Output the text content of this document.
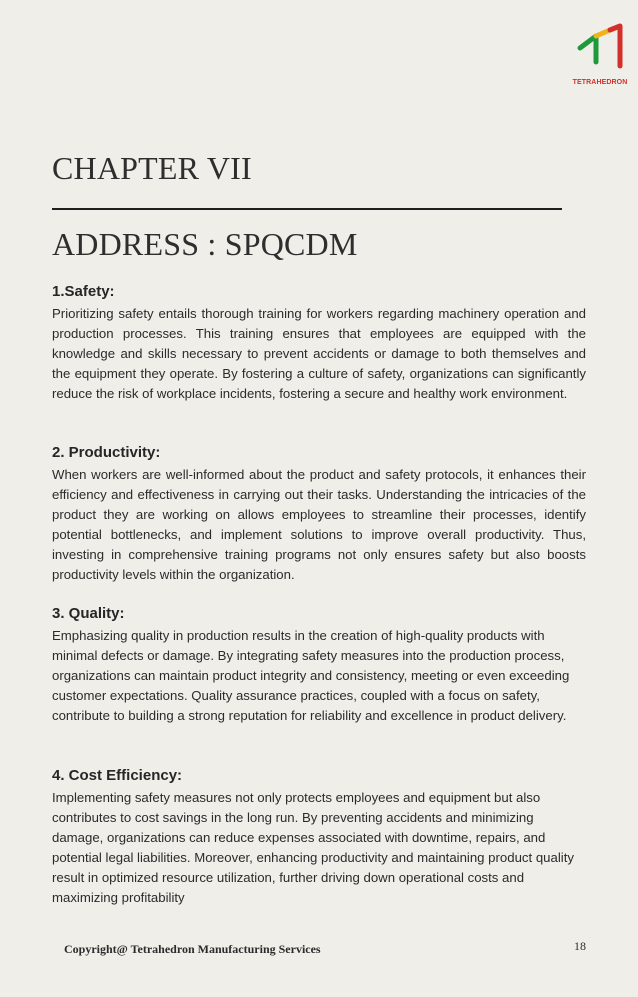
TETRAHEDRON
CHAPTER VII
ADDRESS : SPQCDM
1.Safety:

Prioritizing safety entails thorough training for workers regarding machinery operation and production processes. This training ensures that employees are equipped with the knowledge and skills necessary to prevent accidents or damage to both themselves and the equipment they operate. By fostering a culture of safety, organizations can significantly reduce the risk of workplace incidents, fostering a secure and healthy work environment.

2. Productivity:

When workers are well-informed about the product and safety protocols, it enhances their efficiency and effectiveness in carrying out their tasks. Understanding the intricacies of the product they are working on allows employees to streamline their processes, identify potential bottlenecks, and implement solutions to improve overall productivity. Thus, investing in comprehensive training programs not only ensures safety but also boosts productivity levels within the organization.

3. Quality:

Emphasizing quality in production results in the creation of high-quality products with minimal defects or damage. By integrating safety measures into the production process, organizations can maintain product integrity and consistency, meeting or even exceeding customer expectations. Quality assurance practices, coupled with a focus on safety, contribute to building a strong reputation for reliability and excellence in product delivery.

4. Cost Efficiency:

Implementing safety measures not only protects employees and equipment but also contributes to cost savings in the long run. By preventing accidents and minimizing damage, organizations can reduce expenses associated with downtime, repairs, and potential legal liabilities. Moreover, enhancing productivity and maintaining product quality result in optimized resource utilization, further driving down operational costs and maximizing profitability

Copyright@ Tetrahedron Manufacturing Services	18
